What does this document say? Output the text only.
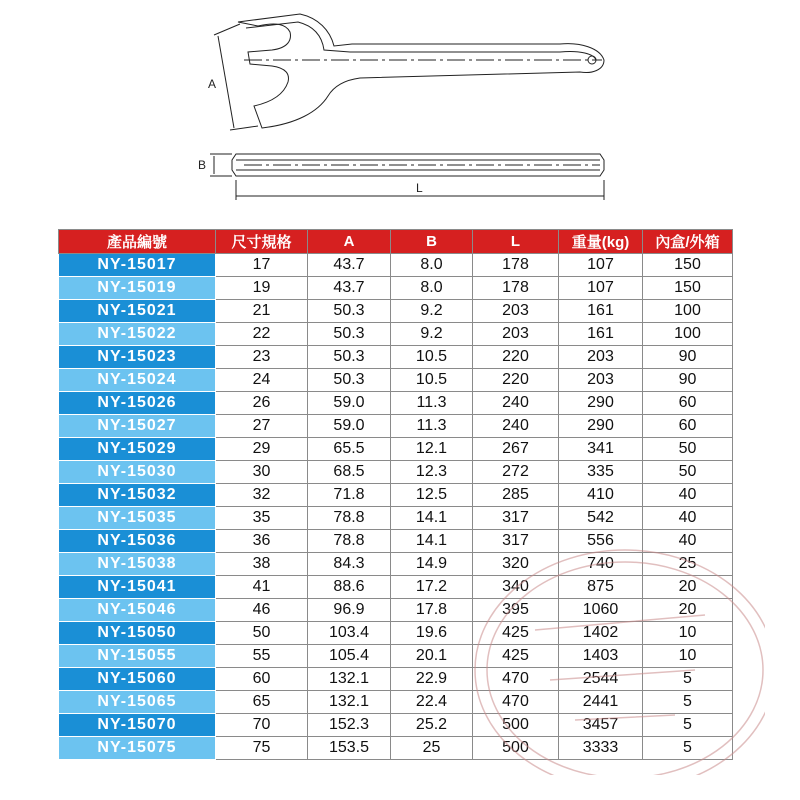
A
B
L
產品編號	尺寸規格	A	B	L	重量(kg)	內盒/外箱
NY-15017	17	43.7	8.0	178	107	150
NY-15019	19	43.7	8.0	178	107	150
NY-15021	21	50.3	9.2	203	161	100
NY-15022	22	50.3	9.2	203	161	100
NY-15023	23	50.3	10.5	220	203	90
NY-15024	24	50.3	10.5	220	203	90
NY-15026	26	59.0	11.3	240	290	60
NY-15027	27	59.0	11.3	240	290	60
NY-15029	29	65.5	12.1	267	341	50
NY-15030	30	68.5	12.3	272	335	50
NY-15032	32	71.8	12.5	285	410	40
NY-15035	35	78.8	14.1	317	542	40
NY-15036	36	78.8	14.1	317	556	40
NY-15038	38	84.3	14.9	320	740	25
NY-15041	41	88.6	17.2	340	875	20
NY-15046	46	96.9	17.8	395	1060	20
NY-15050	50	103.4	19.6	425	1402	10
NY-15055	55	105.4	20.1	425	1403	10
NY-15060	60	132.1	22.9	470	2544	5
NY-15065	65	132.1	22.4	470	2441	5
NY-15070	70	152.3	25.2	500	3457	5
NY-15075	75	153.5	25	500	3333	5
